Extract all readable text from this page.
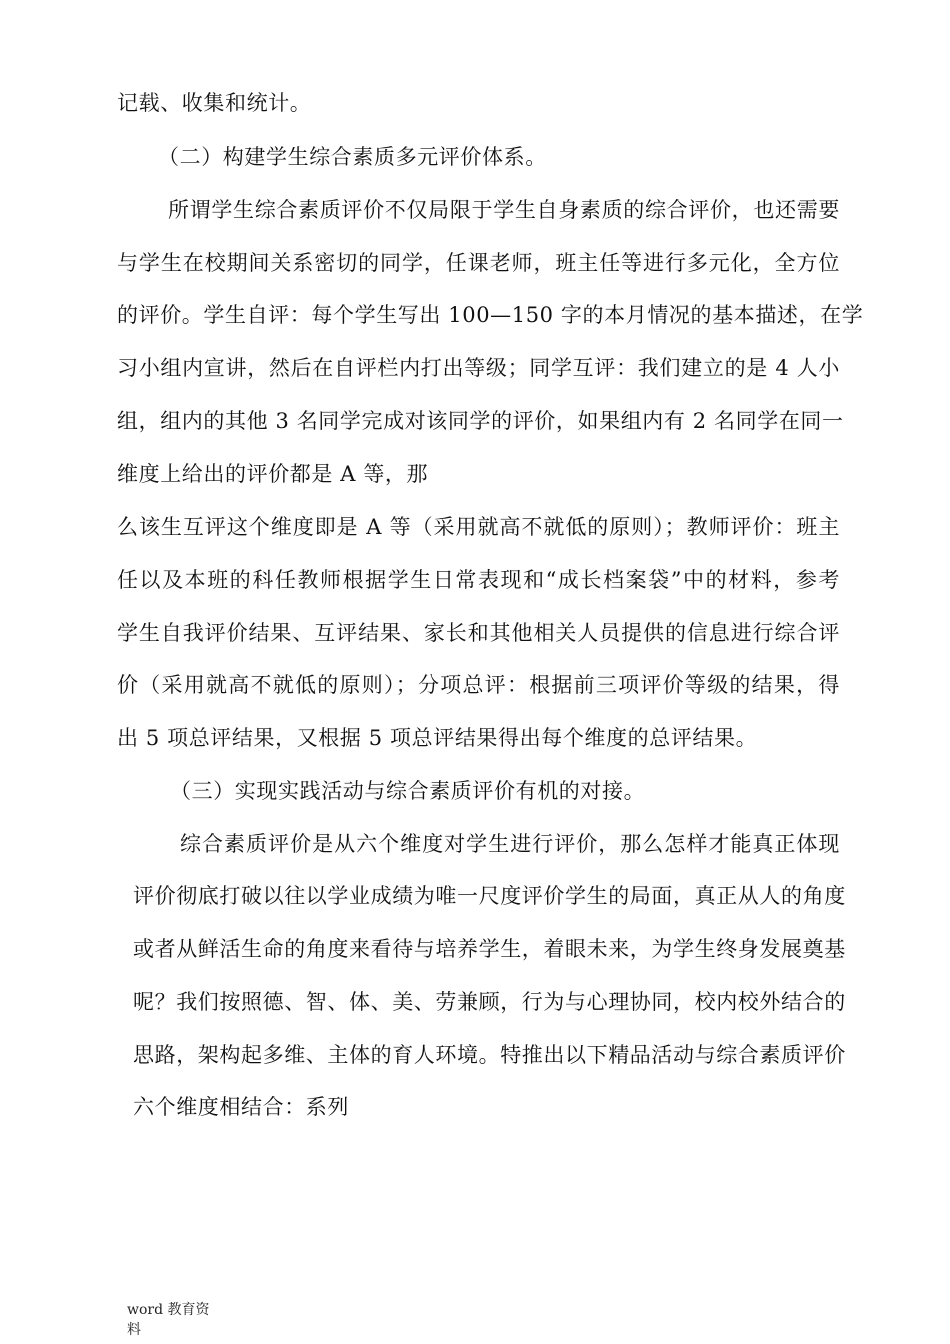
记载、收集和统计。
（二）构建学生综合素质多元评价体系。
所谓学生综合素质评价不仅局限于学生自身素质的综合评价，也还需要
与学生在校期间关系密切的同学，任课老师，班主任等进行多元化，全方位
的评价。学生自评：每个学生写出 100—150 字的本月情况的基本描述，在学
习小组内宣讲，然后在自评栏内打出等级；同学互评：我们建立的是 4 人小
组，组内的其他 3 名同学完成对该同学的评价，如果组内有 2 名同学在同一
维度上给出的评价都是 A 等，那
么该生互评这个维度即是 A 等（采用就高不就低的原则）；教师评价：班主
任以及本班的科任教师根据学生日常表现和“成长档案袋”中的材料，参考
学生自我评价结果、互评结果、家长和其他相关人员提供的信息进行综合评
价（采用就高不就低的原则）；分项总评：根据前三项评价等级的结果，得
出 5 项总评结果，又根据 5 项总评结果得出每个维度的总评结果。
（三）实现实践活动与综合素质评价有机的对接。
综合素质评价是从六个维度对学生进行评价，那么怎样才能真正体现
评价彻底打破以往以学业成绩为唯一尺度评价学生的局面，真正从人的角度
或者从鲜活生命的角度来看待与培养学生，着眼未来，为学生终身发展奠基
呢？我们按照德、智、体、美、劳兼顾，行为与心理协同，校内校外结合的
思路，架构起多维、主体的育人环境。特推出以下精品活动与综合素质评价
六个维度相结合：系列
word 教育资料
